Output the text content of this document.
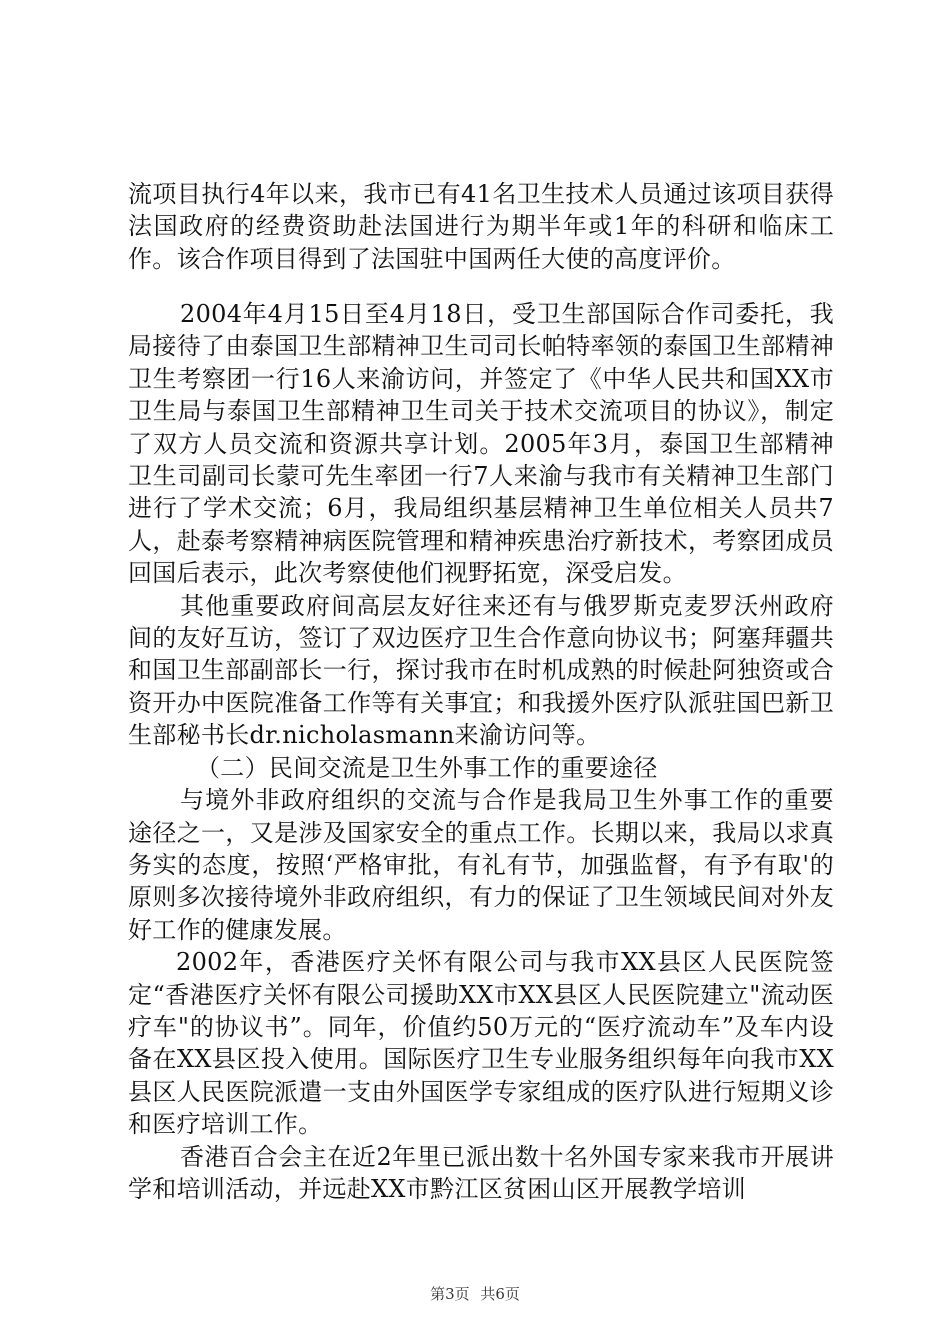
流项目执行4年以来，我市已有41名卫生技术人员通过该项目获得法国政府的经费资助赴法国进行为期半年或1年的科研和临床工作。该合作项目得到了法国驻中国两任大使的高度评价。

2004年4月15日至4月18日，受卫生部国际合作司委托，我局接待了由泰国卫生部精神卫生司司长帕特率领的泰国卫生部精神卫生考察团一行16人来渝访问，并签定了《中华人民共和国XX市卫生局与泰国卫生部精神卫生司关于技术交流项目的协议》，制定了双方人员交流和资源共享计划。2005年3月，泰国卫生部精神卫生司副司长蒙可先生率团一行7人来渝与我市有关精神卫生部门进行了学术交流；6月，我局组织基层精神卫生单位相关人员共7人，赴泰考察精神病医院管理和精神疾患治疗新技术，考察团成员回国后表示，此次考察使他们视野拓宽，深受启发。

其他重要政府间高层友好往来还有与俄罗斯克麦罗沃州政府间的友好互访，签订了双边医疗卫生合作意向协议书；阿塞拜疆共和国卫生部副部长一行，探讨我市在时机成熟的时候赴阿独资或合资开办中医院准备工作等有关事宜；和我援外医疗队派驻国巴新卫生部秘书长dr.nicholasmann来渝访问等。

（二）民间交流是卫生外事工作的重要途径

与境外非政府组织的交流与合作是我局卫生外事工作的重要途径之一，又是涉及国家安全的重点工作。长期以来，我局以求真务实的态度，按照‘严格审批，有礼有节，加强监督，有予有取'的原则多次接待境外非政府组织，有力的保证了卫生领域民间对外友好工作的健康发展。

2002年，香港医疗关怀有限公司与我市XX县区人民医院签定“香港医疗关怀有限公司援助XX市XX县区人民医院建立"流动医疗车"的协议书”。同年，价值约50万元的“医疗流动车”及车内设备在XX县区投入使用。国际医疗卫生专业服务组织每年向我市XX县区人民医院派遣一支由外国医学专家组成的医疗队进行短期义诊和医疗培训工作。

香港百合会主在近2年里已派出数十名外国专家来我市开展讲学和培训活动，并远赴XX市黔江区贫困山区开展教学培训

第3页 共6页
